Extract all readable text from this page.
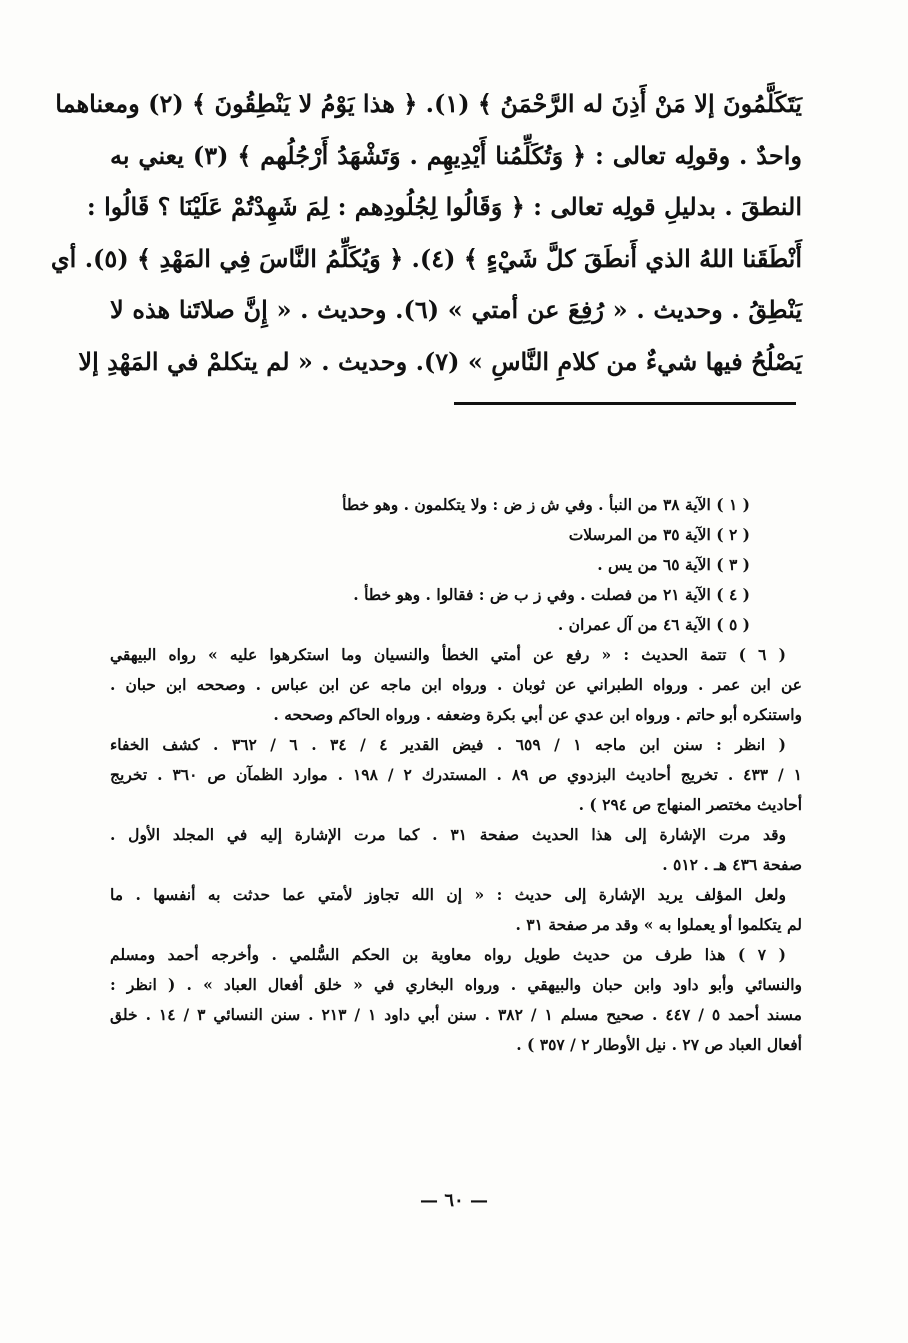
يَتَكَلَّمُونَ إلا مَنْ أَذِنَ له الرَّحْمَنُ ﴾ (١). ﴿ هذا يَوْمُ لا يَنْطِقُونَ ﴾ (٢) ومعناهما
واحدٌ . وقولِه تعالى : ﴿ وَتُكَلِّمُنا أَيْدِيهِم . وَتَشْهَدُ أَرْجُلُهم ﴾ (٣) يعني به
النطقَ . بدليلِ قولِه تعالى : ﴿ وَقَالُوا لِجُلُودِهم : لِمَ شَهِدْتُمْ عَلَيْنَا ؟ قَالُوا :
أَنْطَقَنا اللهُ الذي أَنطَقَ كلَّ شَيْءٍ ﴾ (٤). ﴿ وَيُكَلِّمُ النَّاسَ فِي المَهْدِ ﴾ (٥). أي
يَنْطِقُ . وحديث . « رُفِعَ عن أمتي » (٦). وحديث . « إِنَّ صلاتَنا هذه لا
يَصْلُحُ فيها شيءٌ من كلامِ النَّاسِ » (٧). وحديث . « لم يتكلمْ في المَهْدِ إلا
( ١ ) الآية ٣٨ من النبأ . وفي ش ز ض : ولا يتكلمون . وهو خطأ
( ٢ ) الآية ٣٥ من المرسلات
( ٣ ) الآية ٦٥ من يس .
( ٤ ) الآية ٢١ من فصلت . وفي ز ب ض : فقالوا . وهو خطأ .
( ٥ ) الآية ٤٦ من آل عمران .
( ٦ ) تتمة الحديث : « رفع عن أمتي الخطأ والنسيان وما استكرهوا عليه » رواه البيهقي
عن ابن عمر . ورواه الطبراني عن ثوبان . ورواه ابن ماجه عن ابن عباس . وصححه ابن حبان .
واستنكره أبو حاتم . ورواه ابن عدي عن أبي بكرة وضعفه . ورواه الحاكم وصححه .
( انظر : سنن ابن ماجه ١ / ٦٥٩ . فيض القدير ٤ / ٣٤ . ٦ / ٣٦٢ . كشف الخفاء
١ / ٤٣٣ . تخريج أحاديث البزدوي ص ٨٩ . المستدرك ٢ / ١٩٨ . موارد الظمآن ص ٣٦٠ . تخريج
أحاديث مختصر المنهاج ص ٢٩٤ ) .
وقد مرت الإشارة إلى هذا الحديث صفحة ٣١ . كما مرت الإشارة إليه في المجلد الأول .
صفحة ٤٣٦ هـ . ٥١٢ .
ولعل المؤلف يريد الإشارة إلى حديث : « إن الله تجاوز لأمتي عما حدثت به أنفسها . ما
لم يتكلموا أو يعملوا به » وقد مر صفحة ٣١ .
( ٧ ) هذا طرف من حديث طويل رواه معاوية بن الحكم السُّلمي . وأخرجه أحمد ومسلم
والنسائي وأبو داود وابن حبان والبيهقي . ورواه البخاري في « خلق أفعال العباد » . ( انظر :
مسند أحمد ٥ / ٤٤٧ . صحيح مسلم ١ / ٣٨٢ . سنن أبي داود ١ / ٢١٣ . سنن النسائي ٣ / ١٤ . خلق
أفعال العباد ص ٢٧ . نيل الأوطار ٢ / ٣٥٧ ) .
— ٦٠ —
